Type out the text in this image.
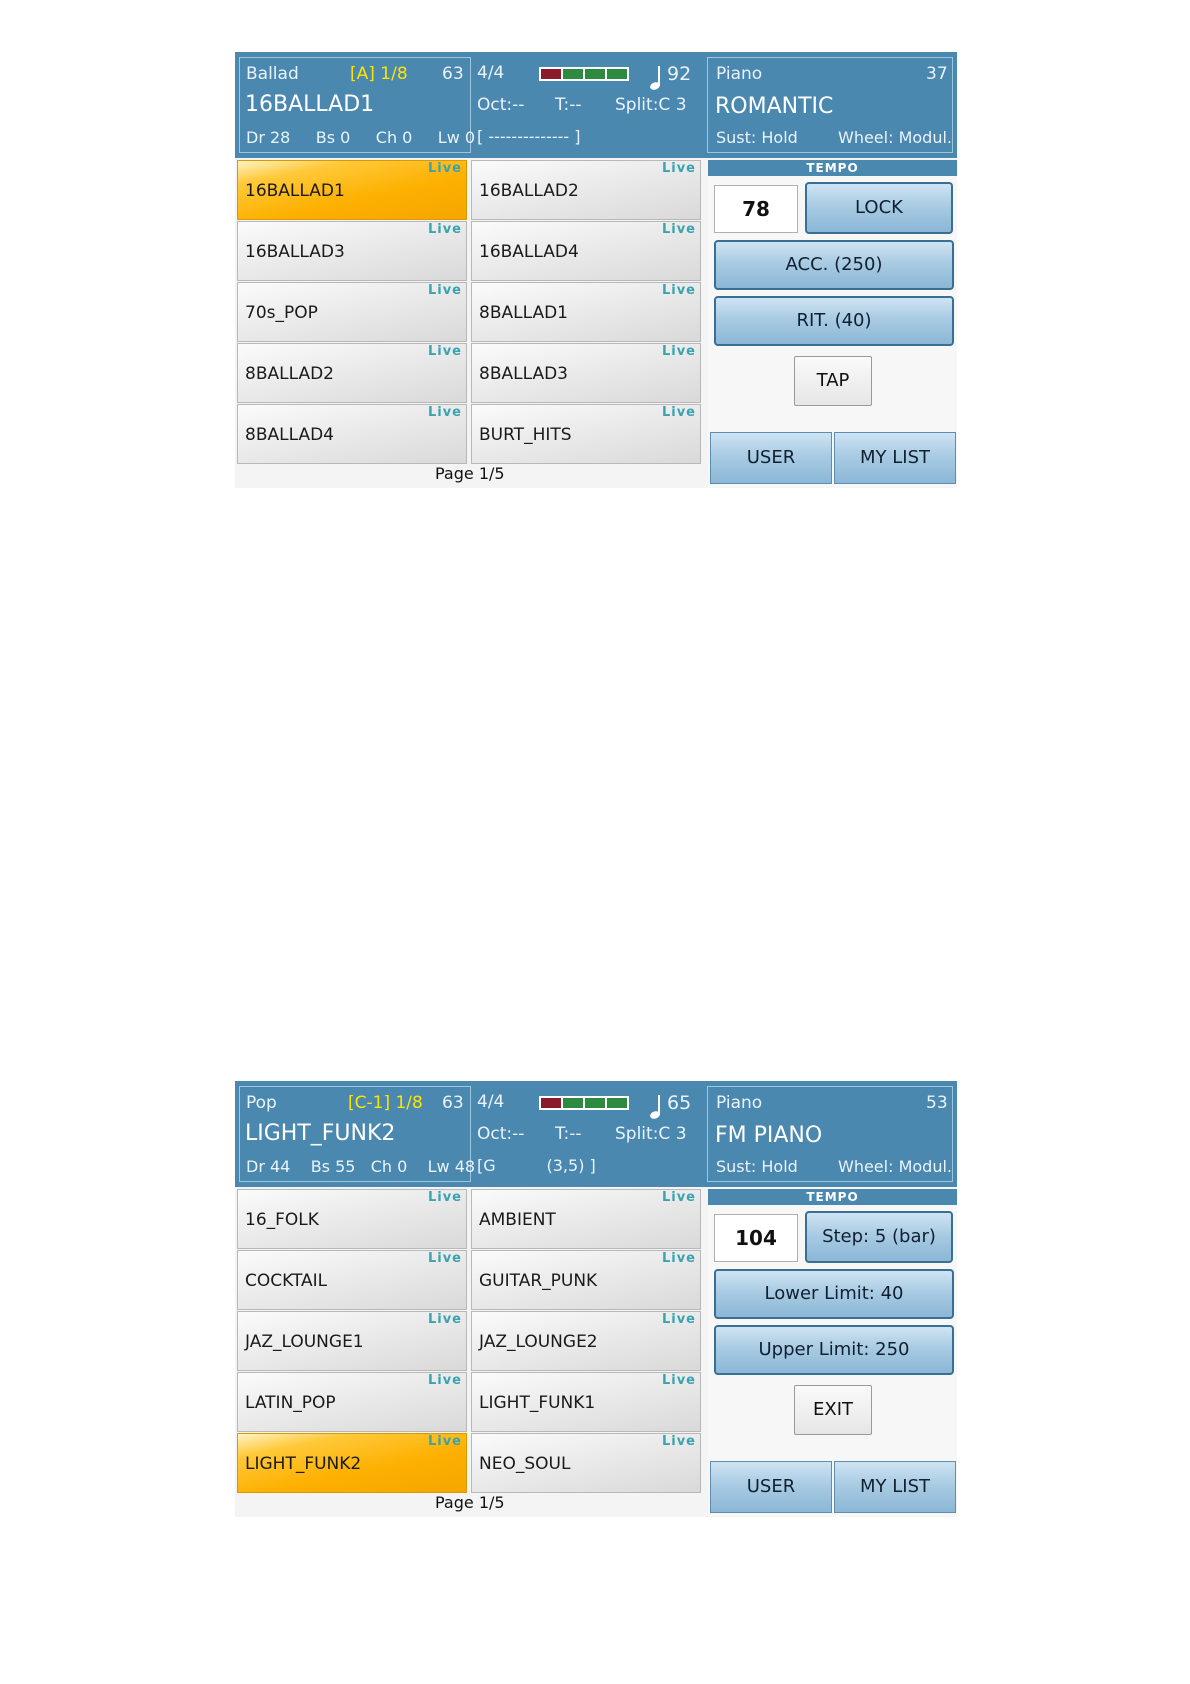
Ballad	[A] 1/8 63
16BALLAD1
Dr 28     Bs 0     Ch 0     Lw 0
4/4	92
Oct:-- T:-- Split:C 3
[ -------------- ]
Piano	37
ROMANTIC
Sust: Hold	Wheel: Modul.
Live
16BALLAD1
Live
16BALLAD2
Live
16BALLAD3
Live
16BALLAD4
Live
70s_POP
Live
8BALLAD1
Live
8BALLAD2
Live
8BALLAD3
Live
8BALLAD4
Live
BURT_HITS
Page 1/5
TEMPO
78	LOCK
ACC. (250)
RIT. (40)
TAP
USER	MY LIST
Pop	[C-1] 1/8 63
LIGHT_FUNK2
Dr 44    Bs 55   Ch 0    Lw 48
4/4	65
Oct:-- T:-- Split:C 3
[G          (3,5) ]
Piano	53
FM PIANO
Sust: Hold	Wheel: Modul.
Live
16_FOLK
Live
AMBIENT
Live
COCKTAIL
Live
GUITAR_PUNK
Live
JAZ_LOUNGE1
Live
JAZ_LOUNGE2
Live
LATIN_POP
Live
LIGHT_FUNK1
Live
LIGHT_FUNK2
Live
NEO_SOUL
Page 1/5
TEMPO
104	Step: 5 (bar)
Lower Limit: 40
Upper Limit: 250
EXIT
USER	MY LIST
